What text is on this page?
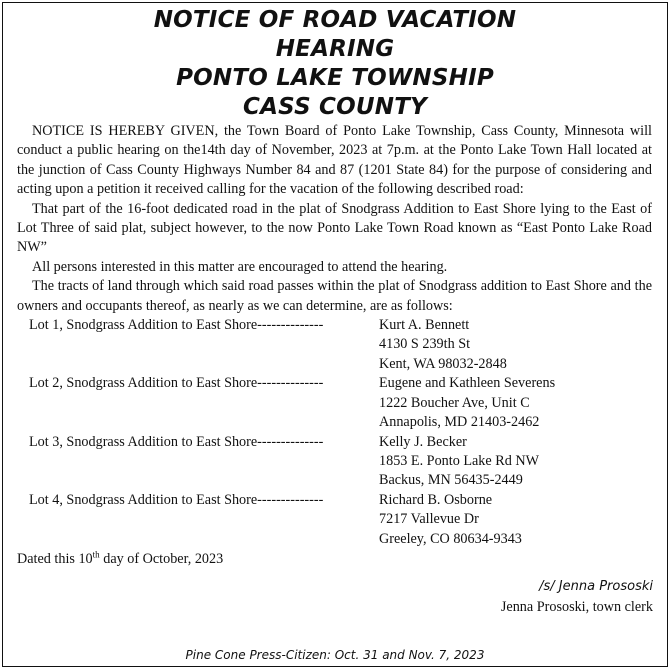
NOTICE OF ROAD VACATION
HEARING
PONTO LAKE TOWNSHIP
CASS COUNTY

NOTICE IS HEREBY GIVEN, the Town Board of Ponto Lake Township, Cass County, Minnesota will conduct a public hearing on the14th day of November, 2023 at 7p.m. at the Ponto Lake Town Hall located at the junction of Cass County Highways Number 84 and 87 (1201 State 84) for the purpose of considering and acting upon a petition it received calling for the vacation of the following described road:

That part of the 16-foot dedicated road in the plat of Snodgrass Addition to East Shore lying to the East of Lot Three of said plat, subject however, to the now Ponto Lake Town Road known as “East Ponto Lake Road NW”

All persons interested in this matter are encouraged to attend the hearing.

The tracts of land through which said road passes within the plat of Snodgrass addition to East Shore and the owners and occupants thereof, as nearly as we can determine, are as follows:

Lot 1, Snodgrass Addition to East Shore--------------	Kurt A. Bennett
4130 S 239th St
Kent, WA 98032-2848
Lot 2, Snodgrass Addition to East Shore--------------	Eugene and Kathleen Severens
1222 Boucher Ave, Unit C
Annapolis, MD 21403-2462
Lot 3, Snodgrass Addition to East Shore--------------	Kelly J. Becker
1853 E. Ponto Lake Rd NW
Backus, MN 56435-2449
Lot 4, Snodgrass Addition to East Shore--------------	Richard B. Osborne
7217 Vallevue Dr
Greeley, CO 80634-9343
Dated this 10th day of October, 2023
/s/ Jenna Prososki
Jenna Prososki, town clerk
Pine Cone Press-Citizen: Oct. 31 and Nov. 7, 2023
